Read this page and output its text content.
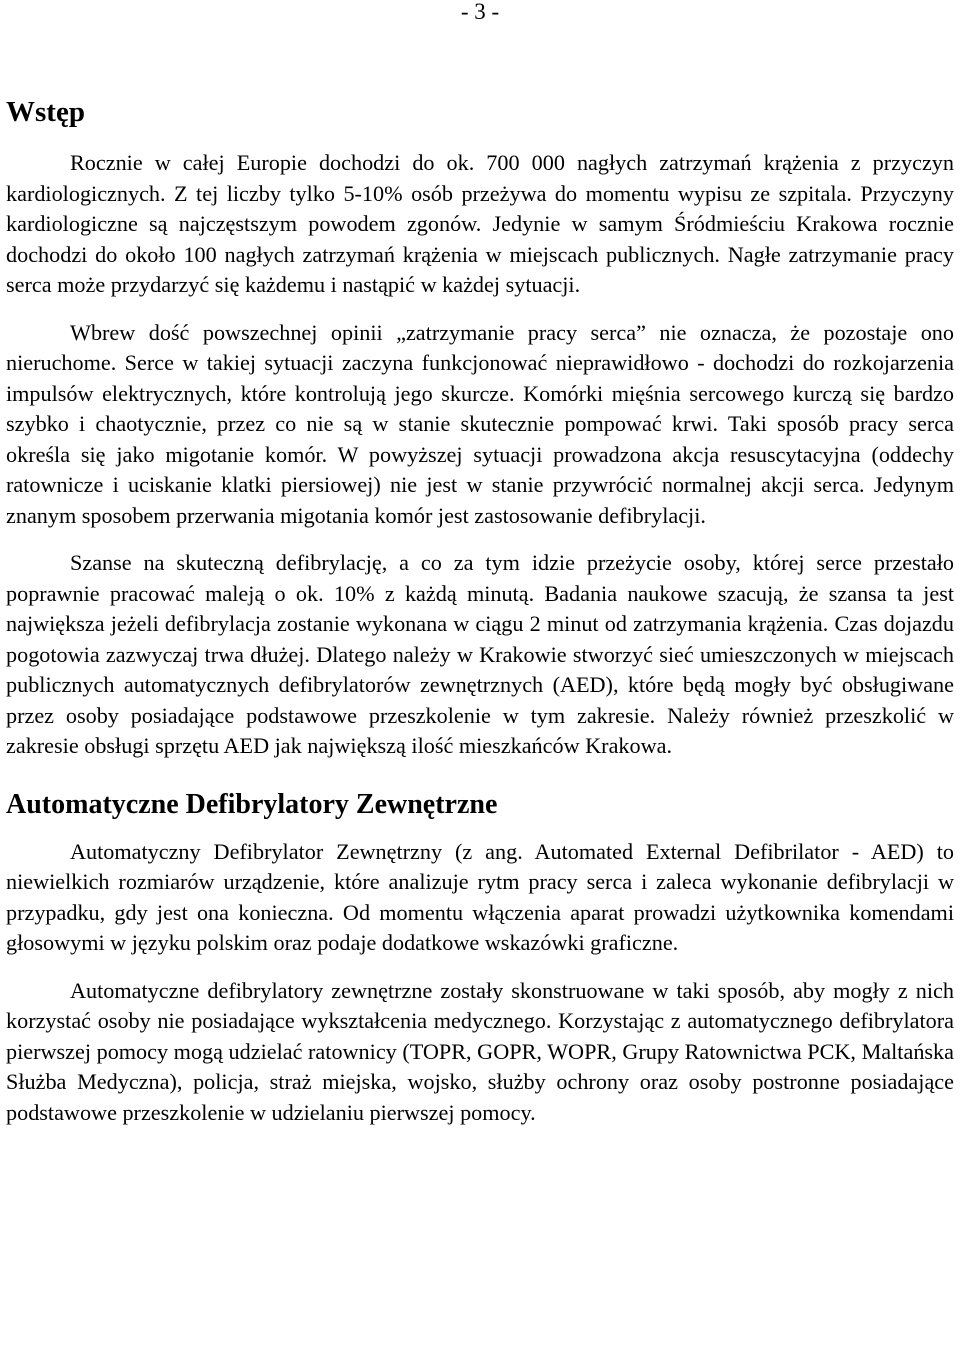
- 3 -
Wstęp

Rocznie w całej Europie dochodzi do ok. 700 000 nagłych zatrzymań krążenia z przyczyn kardiologicznych. Z tej liczby tylko 5-10% osób przeżywa do momentu wypisu ze szpitala. Przyczyny kardiologiczne są najczęstszym powodem zgonów. Jedynie w samym Śródmieściu Krakowa rocznie dochodzi do około 100 nagłych zatrzymań krążenia w miejscach publicznych. Nagłe zatrzymanie pracy serca może przydarzyć się każdemu i nastąpić w każdej sytuacji.

Wbrew dość powszechnej opinii „zatrzymanie pracy serca” nie oznacza, że pozostaje ono nieruchome. Serce w takiej sytuacji zaczyna funkcjonować nieprawidłowo - dochodzi do rozkojarzenia impulsów elektrycznych, które kontrolują jego skurcze. Komórki mięśnia sercowego kurczą się bardzo szybko i chaotycznie, przez co nie są w stanie skutecznie pompować krwi. Taki sposób pracy serca określa się jako migotanie komór. W powyższej sytuacji prowadzona akcja resuscytacyjna (oddechy ratownicze i uciskanie klatki piersiowej) nie jest w stanie przywrócić normalnej akcji serca. Jedynym znanym sposobem przerwania migotania komór jest zastosowanie defibrylacji.

Szanse na skuteczną defibrylację, a co za tym idzie przeżycie osoby, której serce przestało poprawnie pracować maleją o ok. 10% z każdą minutą. Badania naukowe szacują, że szansa ta jest największa jeżeli defibrylacja zostanie wykonana w ciągu 2 minut od zatrzymania krążenia. Czas dojazdu pogotowia zazwyczaj trwa dłużej. Dlatego należy w Krakowie stworzyć sieć umieszczonych w miejscach publicznych automatycznych defibrylatorów zewnętrznych (AED), które będą mogły być obsługiwane przez osoby posiadające podstawowe przeszkolenie w tym zakresie. Należy również przeszkolić w zakresie obsługi sprzętu AED jak największą ilość mieszkańców Krakowa.

Automatyczne Defibrylatory Zewnętrzne

Automatyczny Defibrylator Zewnętrzny (z ang. Automated External Defibrilator - AED) to niewielkich rozmiarów urządzenie, które analizuje rytm pracy serca i zaleca wykonanie defibrylacji w przypadku, gdy jest ona konieczna. Od momentu włączenia aparat prowadzi użytkownika komendami głosowymi w języku polskim oraz podaje dodatkowe wskazówki graficzne.

Automatyczne defibrylatory zewnętrzne zostały skonstruowane w taki sposób, aby mogły z nich korzystać osoby nie posiadające wykształcenia medycznego. Korzystając z automatycznego defibrylatora pierwszej pomocy mogą udzielać ratownicy (TOPR, GOPR, WOPR, Grupy Ratownictwa PCK, Maltańska Służba Medyczna), policja, straż miejska, wojsko, służby ochrony oraz osoby postronne posiadające podstawowe przeszkolenie w udzielaniu pierwszej pomocy.
